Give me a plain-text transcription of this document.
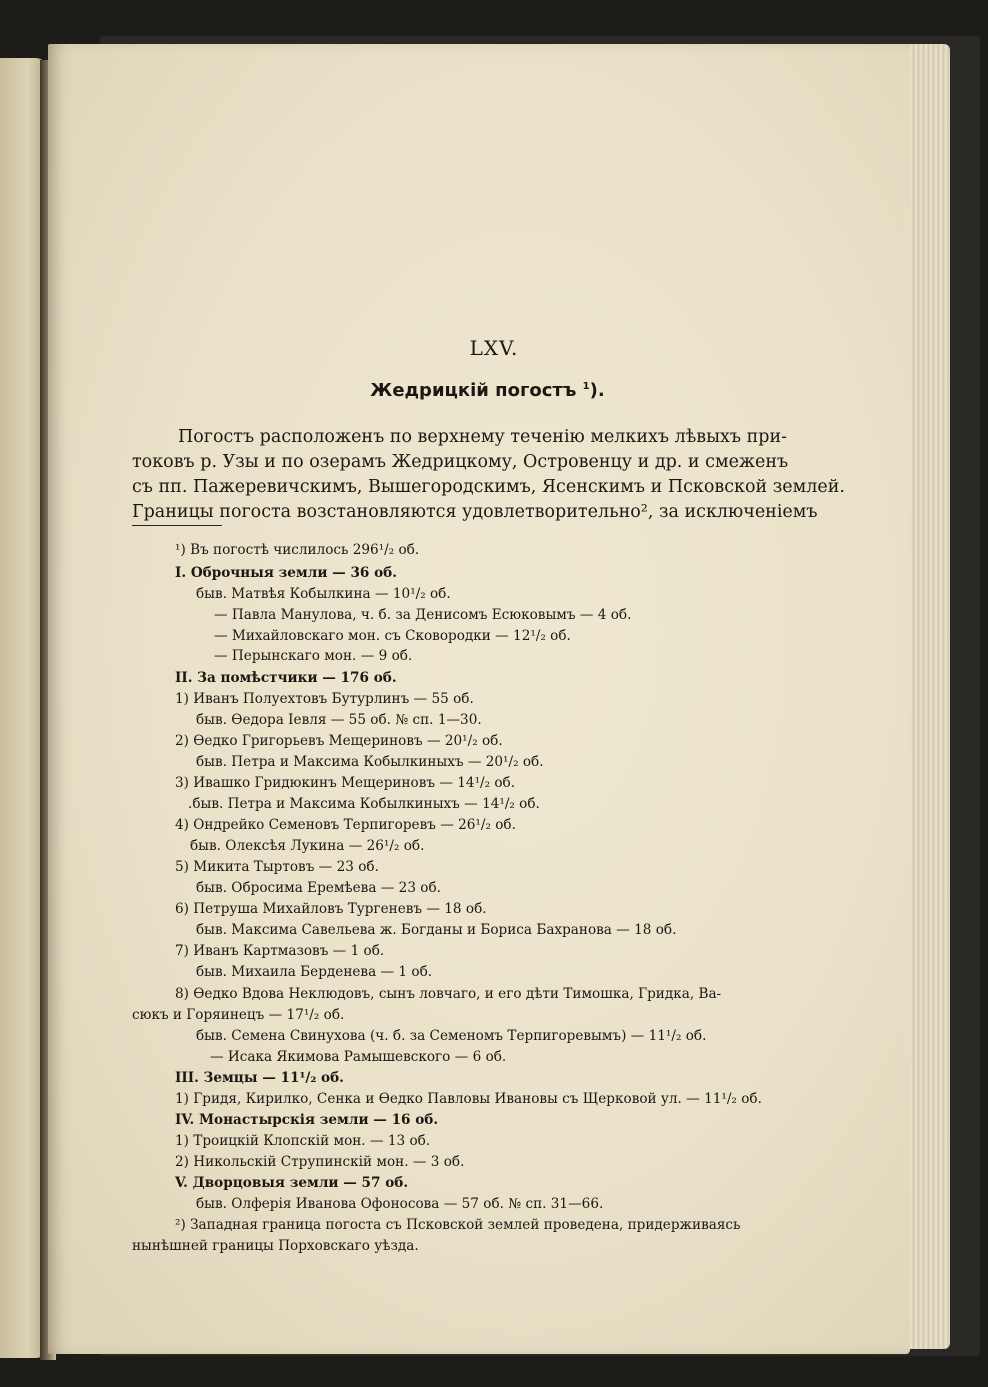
LXV.
Жедрицкій погостъ $^1$).
Погостъ расположенъ по верхнему теченію мелкихъ лѣвыхъ при-
токовъ р. Узы и по озерамъ Жедрицкому, Островенцу и др. и смеженъ
съ пп. Пажеревичскимъ, Вышегородскимъ, Ясенскимъ и Псковской землей.
Границы погоста возстановляются удовлетворительно², за исключеніемъ
¹) Въ погостѣ числилось 296¹/₂ об.
I. Оброчныя земли — 36 об.
быв. Матвѣя Кобылкина — 10¹/₂ об.
— Павла Манулова, ч. б. за Денисомъ Есюковымъ — 4 об.
— Михайловскаго мон. съ Сковородки — 12¹/₂ об.
— Перынскаго мон. — 9 об.
II. За помѣстчики — 176 об.
1) Иванъ Полуехтовъ Бутурлинъ — 55 об.
быв. Өедора Іевля — 55 об. № сп. 1—30.
2) Өедко Григорьевъ Мещериновъ — 20¹/₂ об.
быв. Петра и Максима Кобылкиныхъ — 20¹/₂ об.
3) Ивашко Гридюкинъ Мещериновъ — 14¹/₂ об.
.быв. Петра и Максима Кобылкиныхъ — 14¹/₂ об.
4) Ондрейко Семеновъ Терпигоревъ — 26¹/₂ об.
быв. Олексѣя Лукина — 26¹/₂ об.
5) Микита Тыртовъ — 23 об.
быв. Обросима Еремѣева — 23 об.
6) Петруша Михайловъ Тургеневъ — 18 об.
быв. Максима Савельева ж. Богданы и Бориса Бахранова — 18 об.
7) Иванъ Картмазовъ — 1 об.
быв. Михаила Берденева — 1 об.
8) Өедко Вдова Неклюдовъ, сынъ ловчаго, и его дѣти Тимошка, Гридка, Ва-
сюкъ и Горяинецъ — 17¹/₂ об.
быв. Семена Свинухова (ч. б. за Семеномъ Терпигоревымъ) — 11¹/₂ об.
— Исака Якимова Рамышевского — 6 об.
III. Земцы — 11¹/₂ об.
1) Гридя, Кирилко, Сенка и Өедко Павловы Ивановы съ Щерковой ул. — 11¹/₂ об.
IV. Монастырскія земли — 16 об.
1) Троицкій Клопскій мон. — 13 об.
2) Никольскій Струпинскій мон. — 3 об.
V. Дворцовыя земли — 57 об.
быв. Олферія Иванова Офоносова — 57 об. № сп. 31—66.
²) Западная граница погоста съ Псковской землей проведена, придерживаясь
нынѣшней границы Порховскаго уѣзда.
